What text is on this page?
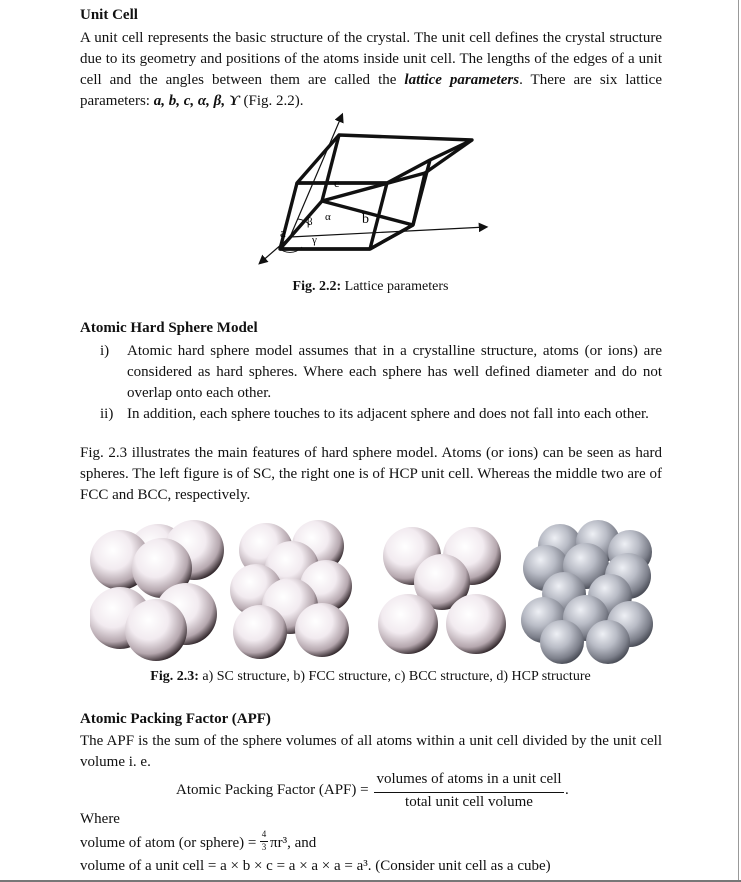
Unit Cell

A unit cell represents the basic structure of the crystal. The unit cell defines the crystal structure due to its geometry and positions of the atoms inside unit cell. The lengths of the edges of a unit cell and the angles between them are called the lattice parameters. There are six lattice parameters: a, b, c, α, β, ϒ (Fig. 2.2).

c
b
a
β α
γ
Fig. 2.2: Lattice parameters
Atomic Hard Sphere Model
i) Atomic hard sphere model assumes that in a crystalline structure, atoms (or ions) are
considered as hard spheres. Where each sphere has well defined diameter and do not
overlap onto each other.
ii) In addition, each sphere touches to its adjacent sphere and does not fall into each other.

Fig. 2.3 illustrates the main features of hard sphere model. Atoms (or ions) can be seen as hard spheres. The left figure is of SC, the right one is of HCP unit cell. Whereas the middle two are of FCC and BCC, respectively.

Fig. 2.3: a) SC structure, b) FCC structure, c) BCC structure, d) HCP structure
Atomic Packing Factor (APF)

The APF is the sum of the sphere volumes of all atoms within a unit cell divided by the unit cell volume i. e.

Atomic Packing Factor (APF) =
volumes of atoms in a unit cell
total unit cell volume
.
Where
volume of atom (or sphere) =
4
3 πr³, and
volume of a unit cell = a × b × c = a × a × a = a³. (Consider unit cell as a cube)
